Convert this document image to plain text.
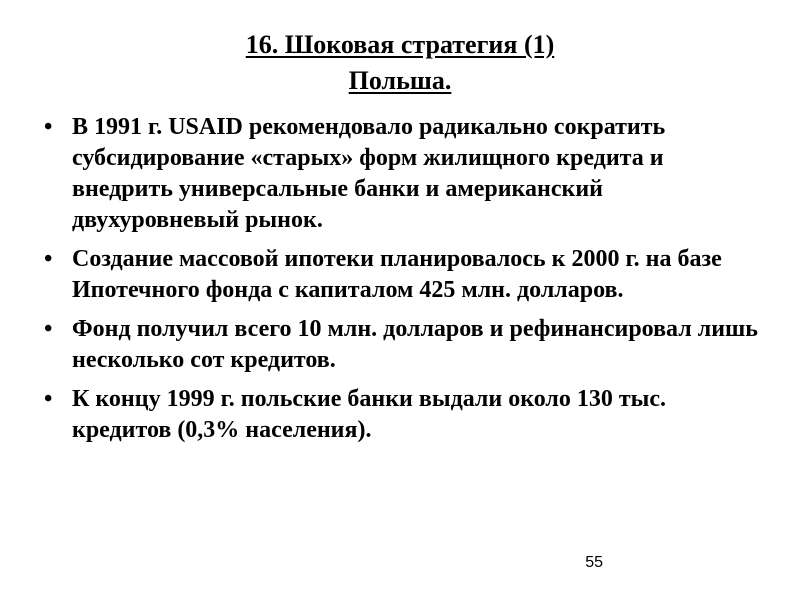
16. Шоковая стратегия (1)
Польша.
• В 1991 г. USAID рекомендовало радикально сократить субсидирование «старых» форм жилищного кредита и внедрить универсальные банки и американский двухуровневый рынок.
• Создание массовой ипотеки планировалось к 2000 г. на базе Ипотечного фонда с капиталом 425 млн. долларов.
• Фонд получил всего 10 млн. долларов и рефинансировал лишь несколько сот кредитов.
• К концу 1999 г. польские банки выдали около 130 тыс. кредитов (0,3% населения).
55
